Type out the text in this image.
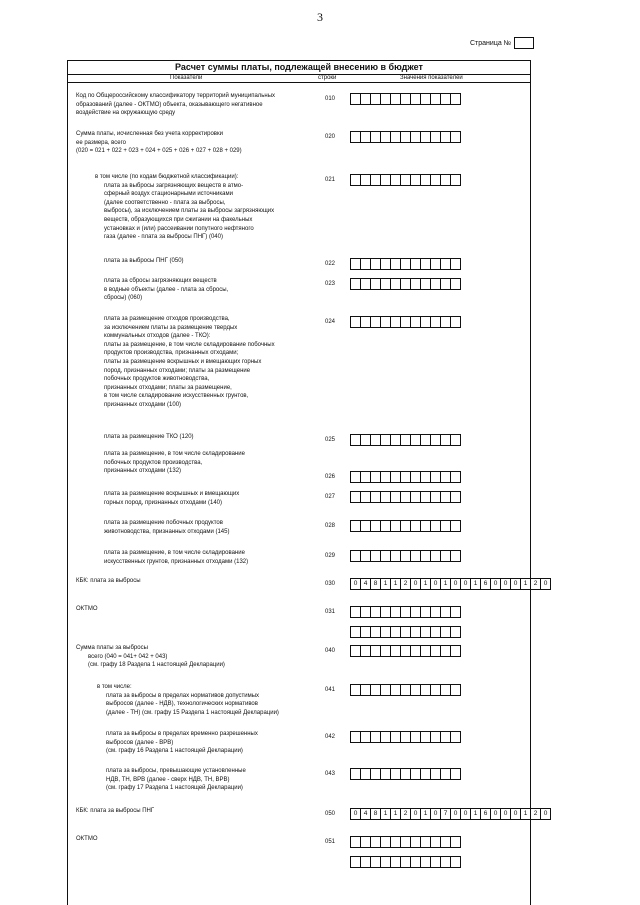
3
Страница №
Расчет суммы платы, подлежащей внесению в бюджет
Показатели	строки	Значения показателей
Код по Общероссийскому классификатору территорий муниципальных
образований (далее - ОКТМО) объекта, оказывающего негативное
воздействие на окружающую среду
010
Сумма платы, исчисленная без учета корректировки
ее размера, всего
(020 = 021 + 022 + 023 + 024 + 025 + 026 + 027 + 028 + 029)
020
в том числе (по кодам бюджетной классификации):
плата за выбросы загрязняющих веществ в атмо-
сферный воздух стационарными источниками
(далее соответственно - плата за выбросы,
выбросы), за исключением платы за выбросы загрязняющих
веществ, образующихся при сжигании на факельных
установках и (или) рассеивании попутного нефтяного
газа (далее - плата за выбросы ПНГ) (040)
021
плата за выбросы ПНГ (050)	022
плата за сбросы загрязняющих веществ
в водные объекты (далее - плата за сбросы,
сбросы) (060)
023
плата за размещение отходов производства,
за исключением платы за размещение твердых
коммунальных отходов (далее - ТКО):
платы за размещение, в том числе складирование побочных
продуктов производства, признанных отходами;
платы за размещение вскрышных и вмещающих горных
пород, признанных отходами; платы за размещение
побочных продуктов животноводства,
признанных отходами; платы за размещение,
в том числе складирование искусственных грунтов,
признанных отходами (100)
024
плата за размещение ТКО (120)	025
плата за размещение, в том числе складирование
побочных продуктов производства,
признанных отходами (132)
026
плата за размещение вскрышных и вмещающих
горных пород, признанных отходами (140)
027
плата за размещение побочных продуктов
животноводства, признанных отходами (145)
028
плата за размещение, в том числе складирование
искусственных грунтов, признанных отходами (132)
029
КБК: плата за выбросы	030	0 4 8 1 1 2 0 1 0 1 0 0 1 6 0 0 0 1 2 0
ОКТМО	031
Сумма платы за выбросы
всего (040 = 041+ 042 + 043)
(см. графу 18 Раздела 1 настоящей Декларации)
040
в том числе:
плата за выбросы в пределах нормативов допустимых
выбросов (далее - НДВ), технологических нормативов
(далее - ТН) (см. графу 15 Раздела 1 настоящей Декларации)
041
плата за выбросы в пределах временно разрешенных
выбросов (далее - ВРВ)
(см. графу 16 Раздела 1 настоящей Декларации)
042
плата за выбросы, превышающие установленные
НДВ, ТН, ВРВ (далее - сверх НДВ, ТН, ВРВ)
(см. графу 17 Раздела 1 настоящей Декларации)
043
КБК: плата за выбросы ПНГ	050	0 4 8 1 1 2 0 1 0 7 0 0 1 6 0 0 0 1 2 0
ОКТМО	051
